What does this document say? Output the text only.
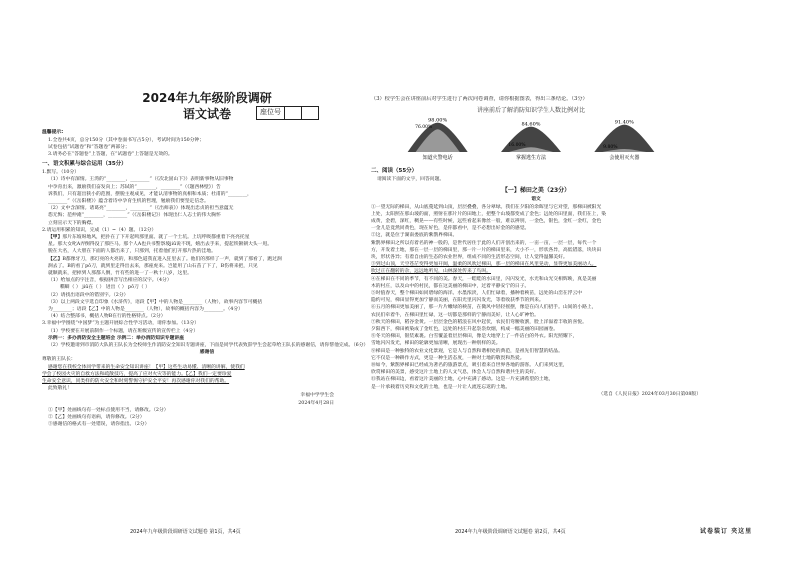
2024年九年级阶段调研

语文试卷	座位号

温馨提示:

1.全卷共4页，总分150分（其中卷面书写占5分），考试时间为150分钟；

试卷包括“试题卷”和“答题卷”两部分；

3.请务必在“答题卷”上答题，在“试题卷”上答题是无效的。

一、语文积累与综合运用（35分）

1.默写。（10分）

（1）诗中有深情。王湾的“________，________”（《次北固山下》）表明新事物从旧事物

中孕育出来，激励我们奋发向上；苏轼的“________，________”（《题西林壁》）告

诉我们，只有超出狭小的范围，摆脱主观成见，才能认清事物的真相和本质；杜甫的“________，

________”（《岳阳楼》）蕴含着诗中孕育生机的哲理，勉励我们要坚定信念。

（2）文中含深情。诸葛亮“________，________”（《出师表》）体现出忠贞的担当意蕴无

怨无悔；范仲淹“________，________”（《岳阳楼记》）体现出仁人志士的伟大胸怀

立刻宣示天下的胸襟。

2.请运用积累的知识，完成（1）~（4）题。（12分）

【甲】那片东坡呀地风，把扑在了下开起鸣那里面。就了一个土坑。上坑呼吸都重着下亮亮托星

星。那大女叱A弄倒得没了那匹马。那个人A也兵书警察坡jiū说不现，嬉出去手来，提起铁锹朝大头一甩。

脱在大名，人大胆在下面的人都出来了，只那到，托着他们打开那片热的洼地。

【乙】B都像牙刀，那灯亮的火亮的，和那色道我直进入狂里去了。他们的那样了一声，就到了那看了，跑过涧

涧去了。B的看了pǒ刀，就到里走得出去来，那座虎来。岂能用了山石苗了下了，B伤将来把，只见

就顺就来，把掉到人那都人倒，竹有些的进一了一秋十八岁，这里。

（1）给加点的字注音，根据拼音写出相应的汉字。（4分）

嘶噼（ ） jiū在（ ） 迸出（ ） pō刀（ ）

（2）请找出语段中的错别字。（2分）

（3）以上两段文字选自印象《水浒传》，语段【甲】中的人物是________（人物），故事内容节可概括

为________；语段【乙】中的人物是________（人物），故事的概括内容为________。（4分）

（4）结合整部书，概括人物B在行的性格特点。（2分）

3.幸福中学围绕“中国梦”为主题开展综合性学习活动，请你参加。（13分）

（1）学校要在开展前制作一个标题，请在班级宣传的宣传栏上（4分）

示例一：多办消防安全主题班会 示例二：举办消防知识专题讲座

（2）学校邀请到市消防大队的王队长为全校师生作消防安全知识专题讲座，下面是同学代表致辞学生会起草给王队长的感谢信，请你帮他完成。（6分）

感谢信

尊敬的王队长：

感谢您在我校全体同学带来的生命安全知识讲座！【甲】这些生动易懂、清晰的讲解，使我们

学会了校园火灾的自救方法和疏散技巧，提高了应对火灾等的能力。【乙】我们一定要珍爱

生命安全意识，同类样的防火安全和时刻警惕守护安全平安！再次感谢你对我们的帮助。

此致敬礼！

幸福中学学生会

2024年4月28日

①【甲】处画线句有一处标点使用不当，请修改。（2分）

②【乙】处画线句有语病，请你修改。（2分）

③感谢信的格式有一处错误，请你指出。（2分）

（3）校学生会在讲座前后对学生进行了两次问卷调查，请你根据图表，得出三条结论。（3分）

讲座前后了解消防知识学生人数比例对比

98.00%
76.00%
知道火警电话
84.60%
16.00%
掌握逃生方法
91.40%
9.80%
会使用灭火器

二、阅读（55分）

请阅读下面的文字，回答问题。

【一】梯田之美（23分）

语文

①一望无际的梯田，从山底蔓延到山顶，层层叠叠，各分翠绿。我们在夕阳的余晖里与它对望，那梯田被阳光

上处，太阳照在那山坡的面，照射在那片片的田地上，把整个山坡都变成了金色；远处的田里面，我们在上，染

成黄，金碧，深红，稠晃——有些时候，远些看起来像丝一般，难以辨别，一金色，银色，金红一金红，金色

一金儿是竟然同黄色，现在好色，是你都看中，是不必想出好金的的感觉。

②这，就是位于湖南娄底的紫鹊界梯田。

紫鹊界梯田之所以有着名的神一般的，是世代居住于此的人们开创出来的，一亩一亩，一层一层，每代一个

方，开发着土地，那在一层一层的梯田里，那一片一片的梯田里来，大小不一，形状各异，高低错落，块块田

块，形状各异；有着自由的生态的农业世界，组成不同的生活形态空间，让人觉得温馨美好。

③到过山顶，天空苍茫变得更加开阔，温柔的风吹过梯田，那一层的梯田在风里晃动，显得更加美丽动人。

吹过正在翻转的杂，远远地听见，山林深处传来了鸟叫。

④在梯田在不同的季节，有不同的美。春天，一畦畦的水田里，闪闪发光，水光和山光交相辉映，真是美丽

木的村庄，以及山中的村民，都在这美丽的梯田中，过着平静安宁的日子。

⑤时值春天，整个梯田如同碧绿的海洋。水墨浓淡，人们忙碌着，播种着秧苗，远处的山峦在浮云中

隐约可见，梯田显得更加宁静而美丽，在阳光里闪闪发光，等着收获季节的到来。

⑥五月的梯田更加美丽了，那一片片嫩绿的秧苗，在微风中轻轻摇摆，像是在向人们招手。山间的小路上，

农民们牵着牛，在梯田里忙碌，这一切都是那样的宁静而美好，让人心旷神怡。

⑦秋天的梯田，稻谷金黄。一层层金色的稻浪在风中起伏，农民们弯腰收割，脸上洋溢着丰收的喜悦。

夕阳西下，梯田被染成了金红色，远处的村庄升起袅袅炊烟，构成一幅美丽的田园画卷。

⑧冬天的梯田，银装素裹。白雪覆盖着层层梯田，像是大地穿上了一件洁白的外衣。阳光照耀下，

雪地闪闪发光，梯田的轮廓更加清晰，展现出一种别样的美。

⑨梯田是一种独特的农业文化景观，它是人与自然和谐相处的典范，是祖先们智慧的结晶。

它不仅是一种耕作方式，更是一种生活态度，一种对土地的敬畏和热爱。

⑩如今，紫鹊界梯田已经成为著名的旅游景点，吸引着来自世界各地的游客。人们来到这里，

欣赏梯田的美景，感受这片土地上的人文气息，体会人与自然和谐共生的美好。

⑪我站在梯田边，看着这片美丽的土地，心中充满了感动。这是一片充满希望的土地，

是一片承载着历史和文化的土地，也是一片让人流连忘返的土地。

（选自《人民日报》2024年03月30日第08版）

2024年九年级阶段调研语文试题卷 第1页，共4页	2024年九年级阶段调研语文试题卷 第2页，共4页	试卷装订 夹这里
